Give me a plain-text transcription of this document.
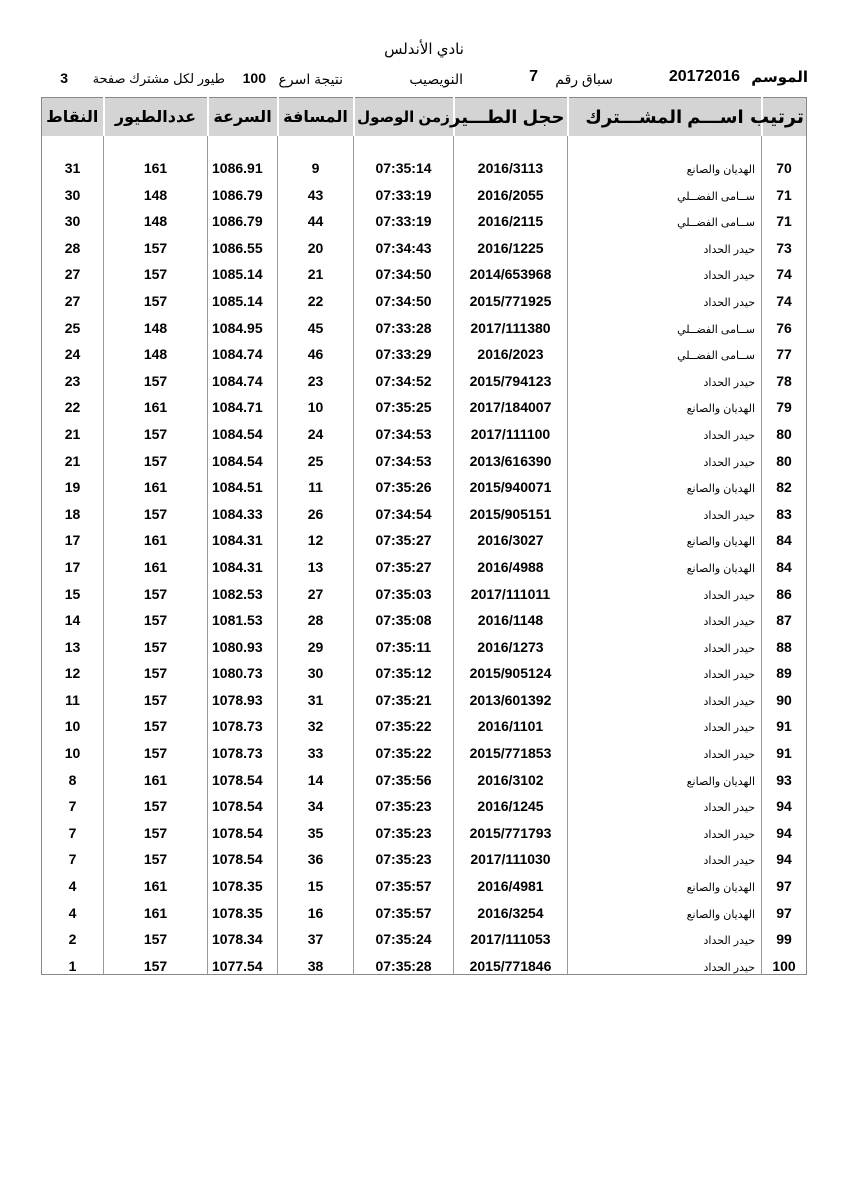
نادي الأندلس
الموسم
20172016
سباق رقم
7
النويصيب
نتيجة اسرع
100
طيور لكل مشترك صفحة
3
ترتيب	اســـم المشـــترك	حجل الطـــير	زمن الوصول	المسافة	السرعة	عددالطيور	النقاط
70	الهديان والصانع	2016/3113	07:35:14	9	1086.91	161	31
71	ســامى الفضــلي	2016/2055	07:33:19	43	1086.79	148	30
71	ســامى الفضــلي	2016/2115	07:33:19	44	1086.79	148	30
73	حيدر الحداد	2016/1225	07:34:43	20	1086.55	157	28
74	حيدر الحداد	2014/653968	07:34:50	21	1085.14	157	27
74	حيدر الحداد	2015/771925	07:34:50	22	1085.14	157	27
76	ســامى الفضــلي	2017/111380	07:33:28	45	1084.95	148	25
77	ســامى الفضــلي	2016/2023	07:33:29	46	1084.74	148	24
78	حيدر الحداد	2015/794123	07:34:52	23	1084.74	157	23
79	الهديان والصانع	2017/184007	07:35:25	10	1084.71	161	22
80	حيدر الحداد	2017/111100	07:34:53	24	1084.54	157	21
80	حيدر الحداد	2013/616390	07:34:53	25	1084.54	157	21
82	الهديان والصانع	2015/940071	07:35:26	11	1084.51	161	19
83	حيدر الحداد	2015/905151	07:34:54	26	1084.33	157	18
84	الهديان والصانع	2016/3027	07:35:27	12	1084.31	161	17
84	الهديان والصانع	2016/4988	07:35:27	13	1084.31	161	17
86	حيدر الحداد	2017/111011	07:35:03	27	1082.53	157	15
87	حيدر الحداد	2016/1148	07:35:08	28	1081.53	157	14
88	حيدر الحداد	2016/1273	07:35:11	29	1080.93	157	13
89	حيدر الحداد	2015/905124	07:35:12	30	1080.73	157	12
90	حيدر الحداد	2013/601392	07:35:21	31	1078.93	157	11
91	حيدر الحداد	2016/1101	07:35:22	32	1078.73	157	10
91	حيدر الحداد	2015/771853	07:35:22	33	1078.73	157	10
93	الهديان والصانع	2016/3102	07:35:56	14	1078.54	161	8
94	حيدر الحداد	2016/1245	07:35:23	34	1078.54	157	7
94	حيدر الحداد	2015/771793	07:35:23	35	1078.54	157	7
94	حيدر الحداد	2017/111030	07:35:23	36	1078.54	157	7
97	الهديان والصانع	2016/4981	07:35:57	15	1078.35	161	4
97	الهديان والصانع	2016/3254	07:35:57	16	1078.35	161	4
99	حيدر الحداد	2017/111053	07:35:24	37	1078.34	157	2
100	حيدر الحداد	2015/771846	07:35:28	38	1077.54	157	1
